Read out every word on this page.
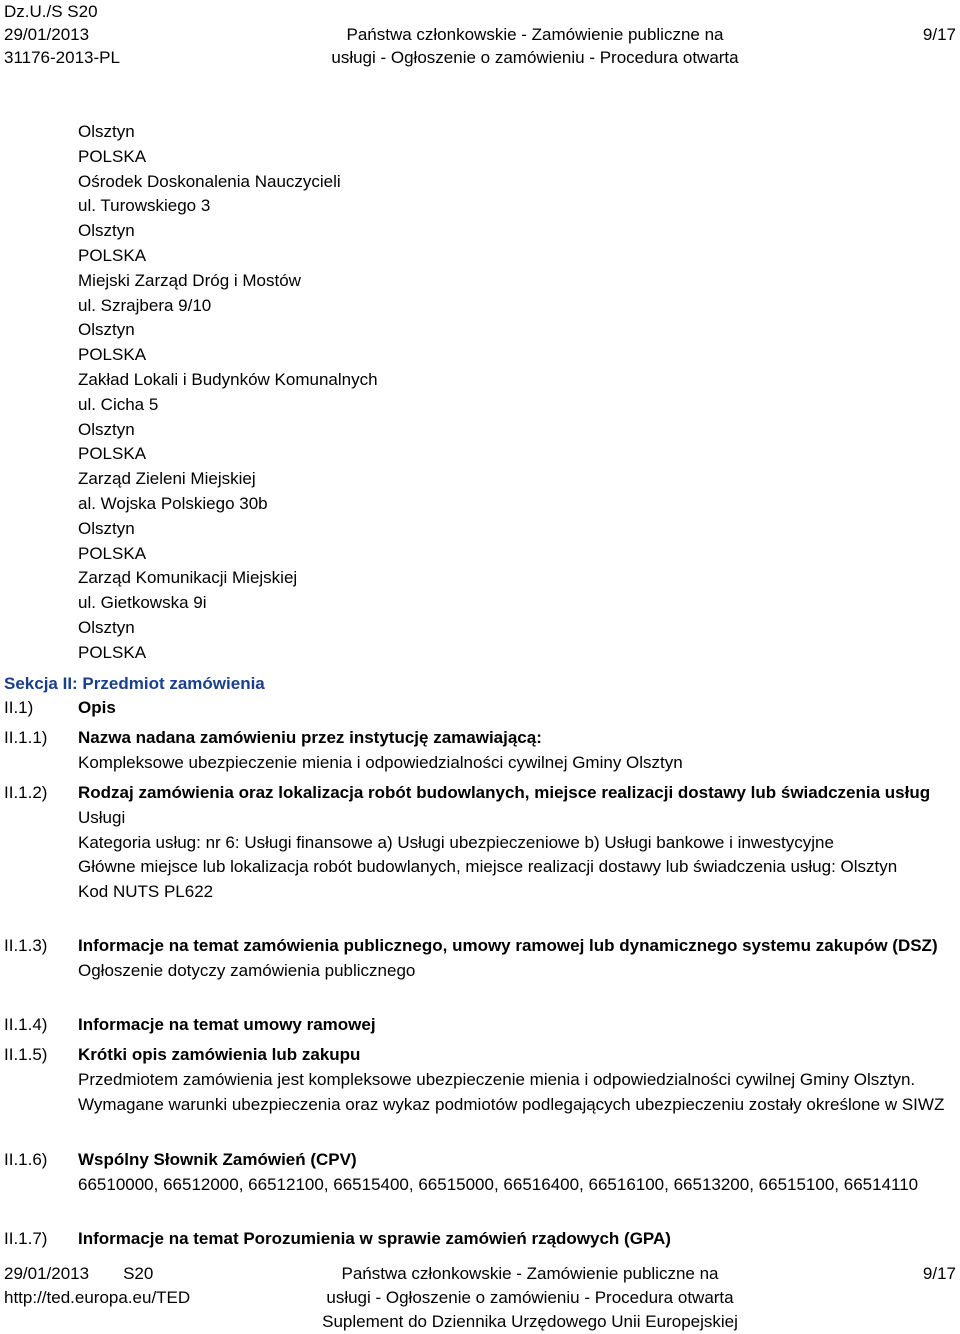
Dz.U./S S20
29/01/2013
31176-2013-PL
Państwa członkowskie - Zamówienie publiczne na
usługi - Ogłoszenie o zamówieniu - Procedura otwarta
9/17
Olsztyn
POLSKA
Ośrodek Doskonalenia Nauczycieli
ul. Turowskiego 3
Olsztyn
POLSKA
Miejski Zarząd Dróg i Mostów
ul. Szrajbera 9/10
Olsztyn
POLSKA
Zakład Lokali i Budynków Komunalnych
ul. Cicha 5
Olsztyn
POLSKA
Zarząd Zieleni Miejskiej
al. Wojska Polskiego 30b
Olsztyn
POLSKA
Zarząd Komunikacji Miejskiej
ul. Gietkowska 9i
Olsztyn
POLSKA
Sekcja II: Przedmiot zamówienia
II.1)	Opis
II.1.1) Nazwa nadana zamówieniu przez instytucję zamawiającą:
Kompleksowe ubezpieczenie mienia i odpowiedzialności cywilnej Gminy Olsztyn
II.1.2) Rodzaj zamówienia oraz lokalizacja robót budowlanych, miejsce realizacji dostawy lub świadczenia usług
Usługi
Kategoria usług: nr 6: Usługi finansowe a) Usługi ubezpieczeniowe b) Usługi bankowe i inwestycyjne
Główne miejsce lub lokalizacja robót budowlanych, miejsce realizacji dostawy lub świadczenia usług: Olsztyn
Kod NUTS PL622
II.1.3) Informacje na temat zamówienia publicznego, umowy ramowej lub dynamicznego systemu zakupów (DSZ)
Ogłoszenie dotyczy zamówienia publicznego
II.1.4) Informacje na temat umowy ramowej
II.1.5) Krótki opis zamówienia lub zakupu
Przedmiotem zamówienia jest kompleksowe ubezpieczenie mienia i odpowiedzialności cywilnej Gminy Olsztyn. Wymagane warunki ubezpieczenia oraz wykaz podmiotów podlegających ubezpieczeniu zostały określone w SIWZ
II.1.6) Wspólny Słownik Zamówień (CPV)
66510000, 66512000, 66512100, 66515400, 66515000, 66516400, 66516100, 66513200, 66515100, 66514110
II.1.7) Informacje na temat Porozumienia w sprawie zamówień rządowych (GPA)
29/01/2013 S20
http://ted.europa.eu/TED
Państwa członkowskie - Zamówienie publiczne na
usługi - Ogłoszenie o zamówieniu - Procedura otwarta
Suplement do Dziennika Urzędowego Unii Europejskiej
9/17
